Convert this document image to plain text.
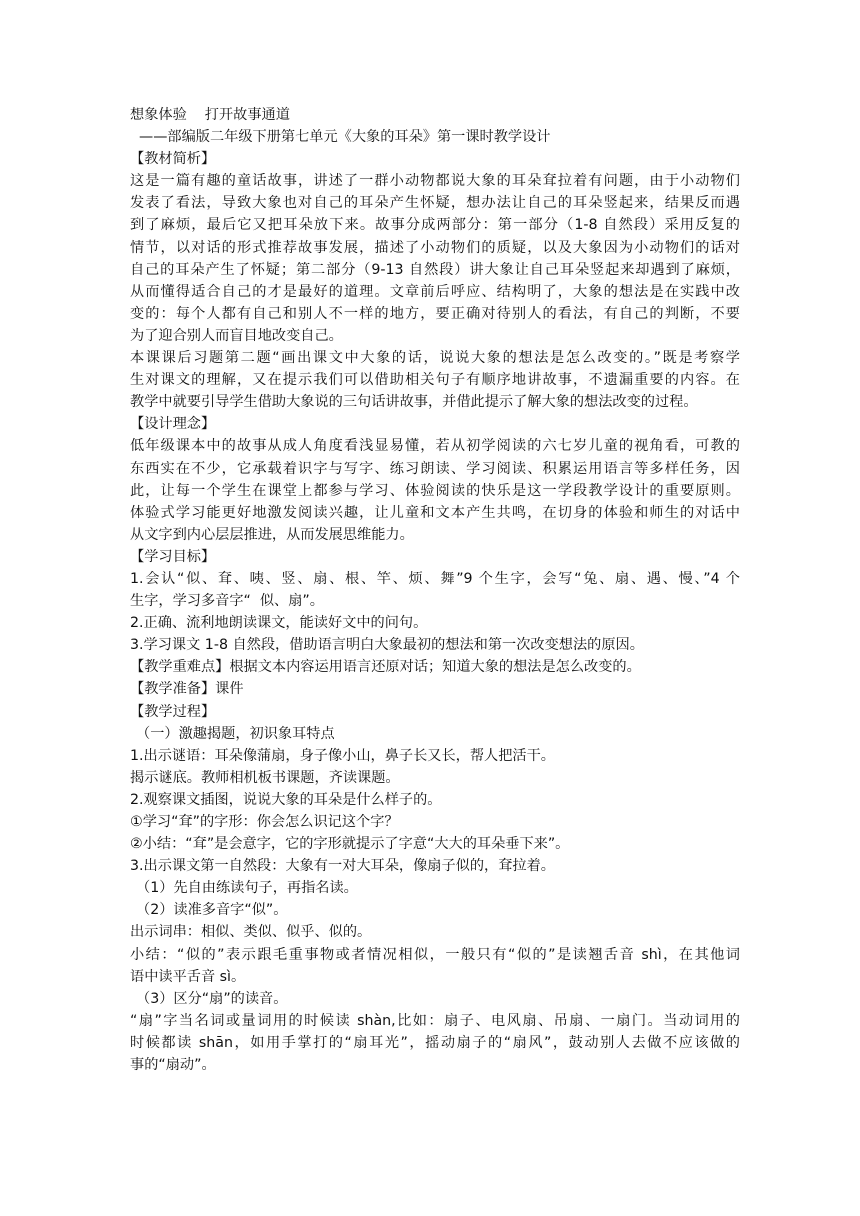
想象体验    打开故事通道
——部编版二年级下册第七单元《大象的耳朵》第一课时教学设计
【教材简析】
这是一篇有趣的童话故事，讲述了一群小动物都说大象的耳朵耷拉着有问题，由于小动物们
发表了看法，导致大象也对自己的耳朵产生怀疑，想办法让自己的耳朵竖起来，结果反而遇
到了麻烦，最后它又把耳朵放下来。故事分成两部分：第一部分（1-8 自然段）采用反复的
情节，以对话的形式推荐故事发展，描述了小动物们的质疑，以及大象因为小动物们的话对
自己的耳朵产生了怀疑；第二部分（9-13 自然段）讲大象让自己耳朵竖起来却遇到了麻烦，
从而懂得适合自己的才是最好的道理。文章前后呼应、结构明了，大象的想法是在实践中改
变的：每个人都有自己和别人不一样的地方，要正确对待别人的看法，有自己的判断，不要
为了迎合别人而盲目地改变自己。
本课课后习题第二题“画出课文中大象的话，说说大象的想法是怎么改变的。”既是考察学
生对课文的理解，又在提示我们可以借助相关句子有顺序地讲故事，不遗漏重要的内容。在
教学中就要引导学生借助大象说的三句话讲故事，并借此提示了解大象的想法改变的过程。
【设计理念】
低年级课本中的故事从成人角度看浅显易懂，若从初学阅读的六七岁儿童的视角看，可教的
东西实在不少，它承载着识字与写字、练习朗读、学习阅读、积累运用语言等多样任务，因
此，让每一个学生在课堂上都参与学习、体验阅读的快乐是这一学段教学设计的重要原则。
体验式学习能更好地激发阅读兴趣，让儿童和文本产生共鸣，在切身的体验和师生的对话中
从文字到内心层层推进，从而发展思维能力。
【学习目标】
1.会认“似、耷、咦、竖、扇、根、竿、烦、舞”9 个生字，会写“兔、扇、遇、慢、”4 个
生字，学习多音字“  似、扇”。
2.正确、流利地朗读课文，能读好文中的问句。
3.学习课文 1-8 自然段，借助语言明白大象最初的想法和第一次改变想法的原因。
【教学重难点】根据文本内容运用语言还原对话；知道大象的想法是怎么改变的。
【教学准备】课件
【教学过程】
（一）激趣揭题，初识象耳特点
1.出示谜语：耳朵像蒲扇，身子像小山，鼻子长又长，帮人把活干。
揭示谜底。教师相机板书课题，齐读课题。
2.观察课文插图，说说大象的耳朵是什么样子的。
①学习“耷”的字形：你会怎么识记这个字？
②小结：“耷”是会意字，它的字形就提示了字意“大大的耳朵垂下来”。
3.出示课文第一自然段：大象有一对大耳朵，像扇子似的，耷拉着。
（1）先自由练读句子，再指名读。
（2）读准多音字“似”。
出示词串：相似、类似、似乎、似的。
小结：“似的”表示跟毛重事物或者情况相似，一般只有“似的”是读翘舌音 shì，在其他词
语中读平舌音 sì。
（3）区分“扇”的读音。
“扇”字当名词或量词用的时候读 shàn,比如：扇子、电风扇、吊扇、一扇门。当动词用的
时候都读 shān，如用手掌打的“扇耳光”，摇动扇子的“扇风”，鼓动别人去做不应该做的
事的“扇动”。
